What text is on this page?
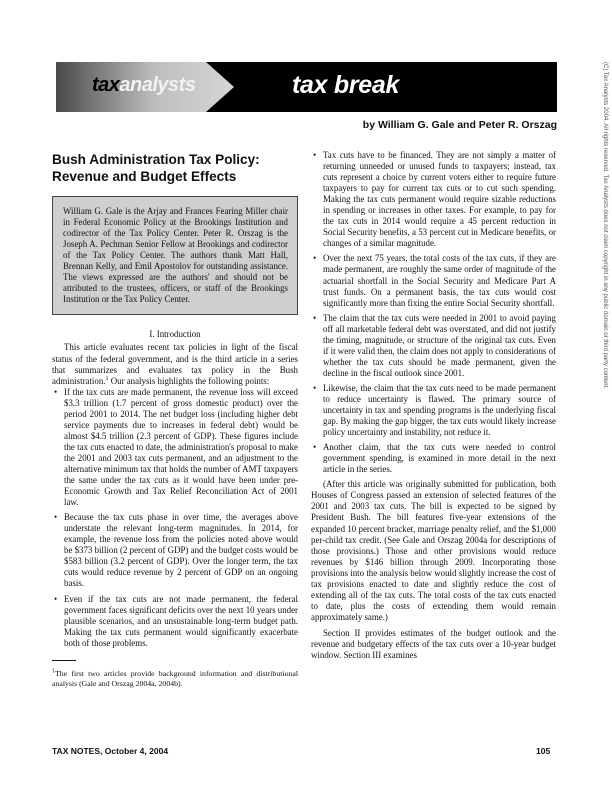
taxanalysts	tax break
by William G. Gale and Peter R. Orszag
Bush Administration Tax Policy: Revenue and Budget Effects
William G. Gale is the Arjay and Frances Fearing Miller chair in Federal Economic Policy at the Brookings Institution and codirector of the Tax Policy Center. Peter R. Orszag is the Joseph A. Pechman Senior Fellow at Brookings and codirector of the Tax Policy Center. The authors thank Matt Hall, Brennan Kelly, and Emil Apostolov for outstanding assistance. The views expressed are the authors' and should not be attributed to the trustees, officers, or staff of the Brookings Institution or the Tax Policy Center.
I. Introduction

This article evaluates recent tax policies in light of the fiscal status of the federal government, and is the third article in a series that summarizes and evaluates tax policy in the Bush administration.$^1$ Our analysis highlights the following points:

• If the tax cuts are made permanent, the revenue loss will exceed $3.3 trillion (1.7 percent of gross domestic product) over the period 2001 to 2014. The net budget loss (including higher debt service payments due to increases in federal debt) would be almost $4.5 trillion (2.3 percent of GDP). These figures include the tax cuts enacted to date, the administration's proposal to make the 2001 and 2003 tax cuts permanent, and an adjustment to the alternative minimum tax that holds the number of AMT taxpayers the same under the tax cuts as it would have been under pre-Economic Growth and Tax Relief Reconciliation Act of 2001 law.
• Because the tax cuts phase in over time, the averages above understate the relevant long-term magnitudes. In 2014, for example, the revenue loss from the policies noted above would be $373 billion (2 percent of GDP) and the budget costs would be $583 billion (3.2 percent of GDP). Over the longer term, the tax cuts would reduce revenue by 2 percent of GDP on an ongoing basis.
• Even if the tax cuts are not made permanent, the federal government faces significant deficits over the next 10 years under plausible scenarios, and an unsustainable long-term budget path. Making the tax cuts permanent would significantly exacerbate both of those problems.
$^1$The first two articles provide background information and distributional analysis (Gale and Orszag 2004a, 2004b).
• Tax cuts have to be financed. They are not simply a matter of returning unneeded or unused funds to taxpayers; instead, tax cuts represent a choice by current voters either to require future taxpayers to pay for current tax cuts or to cut such spending. Making the tax cuts permanent would require sizable reductions in spending or increases in other taxes. For example, to pay for the tax cuts in 2014 would require a 45 percent reduction in Social Security benefits, a 53 percent cut in Medicare benefits, or changes of a similar magnitude.
• Over the next 75 years, the total costs of the tax cuts, if they are made permanent, are roughly the same order of magnitude of the actuarial shortfall in the Social Security and Medicare Part A trust funds. On a permanent basis, the tax cuts would cost significantly more than fixing the entire Social Security shortfall.
• The claim that the tax cuts were needed in 2001 to avoid paying off all marketable federal debt was overstated, and did not justify the timing, magnitude, or structure of the original tax cuts. Even if it were valid then, the claim does not apply to considerations of whether the tax cuts should be made permanent, given the decline in the fiscal outlook since 2001.
• Likewise, the claim that the tax cuts need to be made permanent to reduce uncertainty is flawed. The primary source of uncertainty in tax and spending programs is the underlying fiscal gap. By making the gap bigger, the tax cuts would likely increase policy uncertainty and instability, not reduce it.
• Another claim, that the tax cuts were needed to control government spending, is examined in more detail in the next article in the series.

(After this article was originally submitted for publication, both Houses of Congress passed an extension of selected features of the 2001 and 2003 tax cuts. The bill is expected to be signed by President Bush. The bill features five-year extensions of the expanded 10 percent bracket, marriage penalty relief, and the $1,000 per-child tax credit. (See Gale and Orszag 2004a for descriptions of those provisions.) Those and other provisions would reduce revenues by $146 billion through 2009. Incorporating those provisions into the analysis below would slightly increase the cost of tax provisions enacted to date and slightly reduce the cost of extending all of the tax cuts. The total costs of the tax cuts enacted to date, plus the costs of extending them would remain approximately same.)

Section II provides estimates of the budget outlook and the revenue and budgetary effects of the tax cuts over a 10-year budget window. Section III examines

TAX NOTES, October 4, 2004	105
(C) Tax Analysts 2004. All rights reserved. Tax Analysts does not claim copyright in any public domain or third party content.
